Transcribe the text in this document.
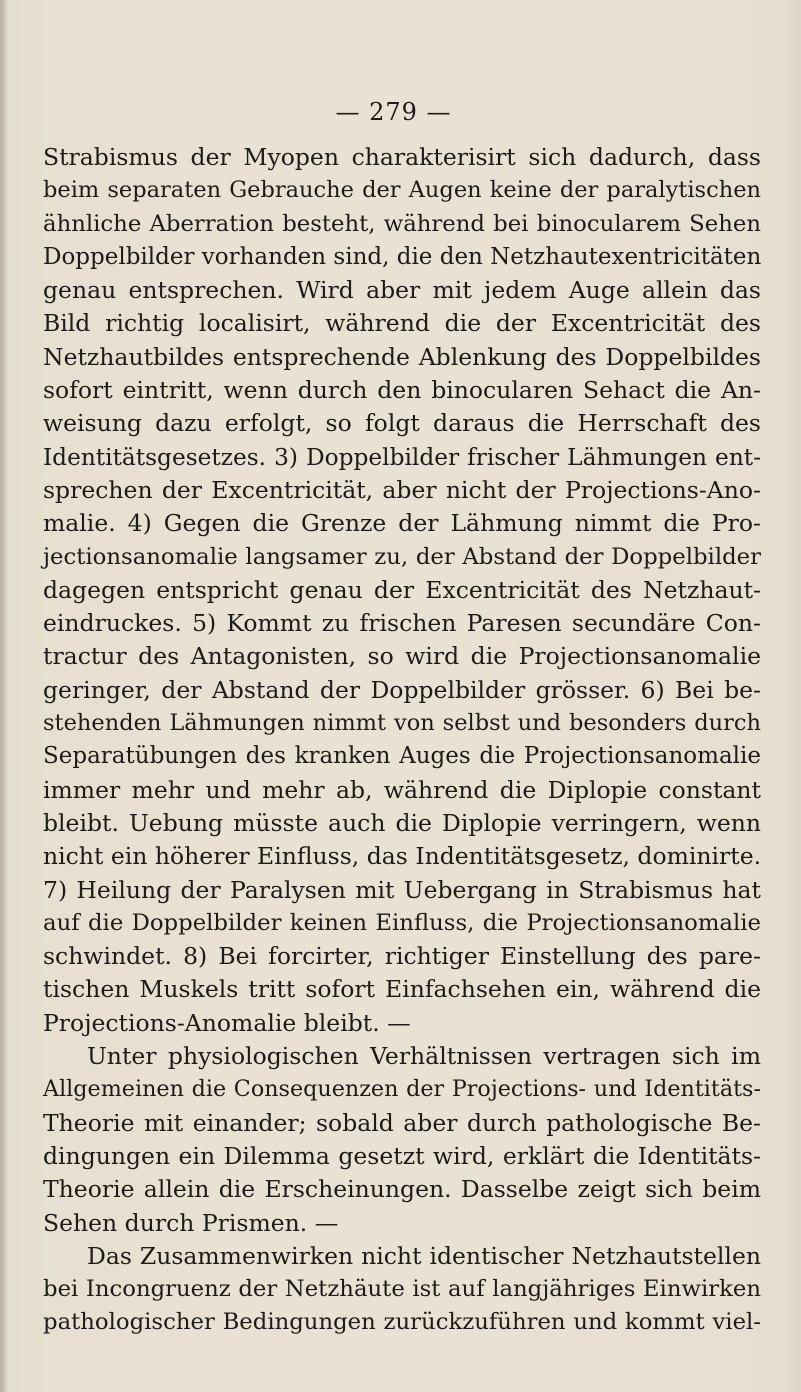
— 279 —
Strabismus der Myopen charakterisirt sich dadurch, dass
beim separaten Gebrauche der Augen keine der paralytischen
ähnliche Aberration besteht, während bei binocularem Sehen
Doppelbilder vorhanden sind, die den Netzhautexentricitäten
genau entsprechen. Wird aber mit jedem Auge allein das
Bild richtig localisirt, während die der Excentricität des
Netzhautbildes entsprechende Ablenkung des Doppelbildes
sofort eintritt, wenn durch den binocularen Sehact die An-
weisung dazu erfolgt, so folgt daraus die Herrschaft des
Identitätsgesetzes. 3) Doppelbilder frischer Lähmungen ent-
sprechen der Excentricität, aber nicht der Projections-Ano-
malie. 4) Gegen die Grenze der Lähmung nimmt die Pro-
jectionsanomalie langsamer zu, der Abstand der Doppelbilder
dagegen entspricht genau der Excentricität des Netzhaut-
eindruckes. 5) Kommt zu frischen Paresen secundäre Con-
tractur des Antagonisten, so wird die Projectionsanomalie
geringer, der Abstand der Doppelbilder grösser. 6) Bei be-
stehenden Lähmungen nimmt von selbst und besonders durch
Separatübungen des kranken Auges die Projectionsanomalie
immer mehr und mehr ab, während die Diplopie constant
bleibt. Uebung müsste auch die Diplopie verringern, wenn
nicht ein höherer Einfluss, das Indentitätsgesetz, dominirte.
7) Heilung der Paralysen mit Uebergang in Strabismus hat
auf die Doppelbilder keinen Einfluss, die Projectionsanomalie
schwindet. 8) Bei forcirter, richtiger Einstellung des pare-
tischen Muskels tritt sofort Einfachsehen ein, während die
Projections-Anomalie bleibt. —
Unter physiologischen Verhältnissen vertragen sich im
Allgemeinen die Consequenzen der Projections- und Identitäts-
Theorie mit einander; sobald aber durch pathologische Be-
dingungen ein Dilemma gesetzt wird, erklärt die Identitäts-
Theorie allein die Erscheinungen. Dasselbe zeigt sich beim
Sehen durch Prismen. —
Das Zusammenwirken nicht identischer Netzhautstellen
bei Incongruenz der Netzhäute ist auf langjähriges Einwirken
pathologischer Bedingungen zurückzuführen und kommt viel-
